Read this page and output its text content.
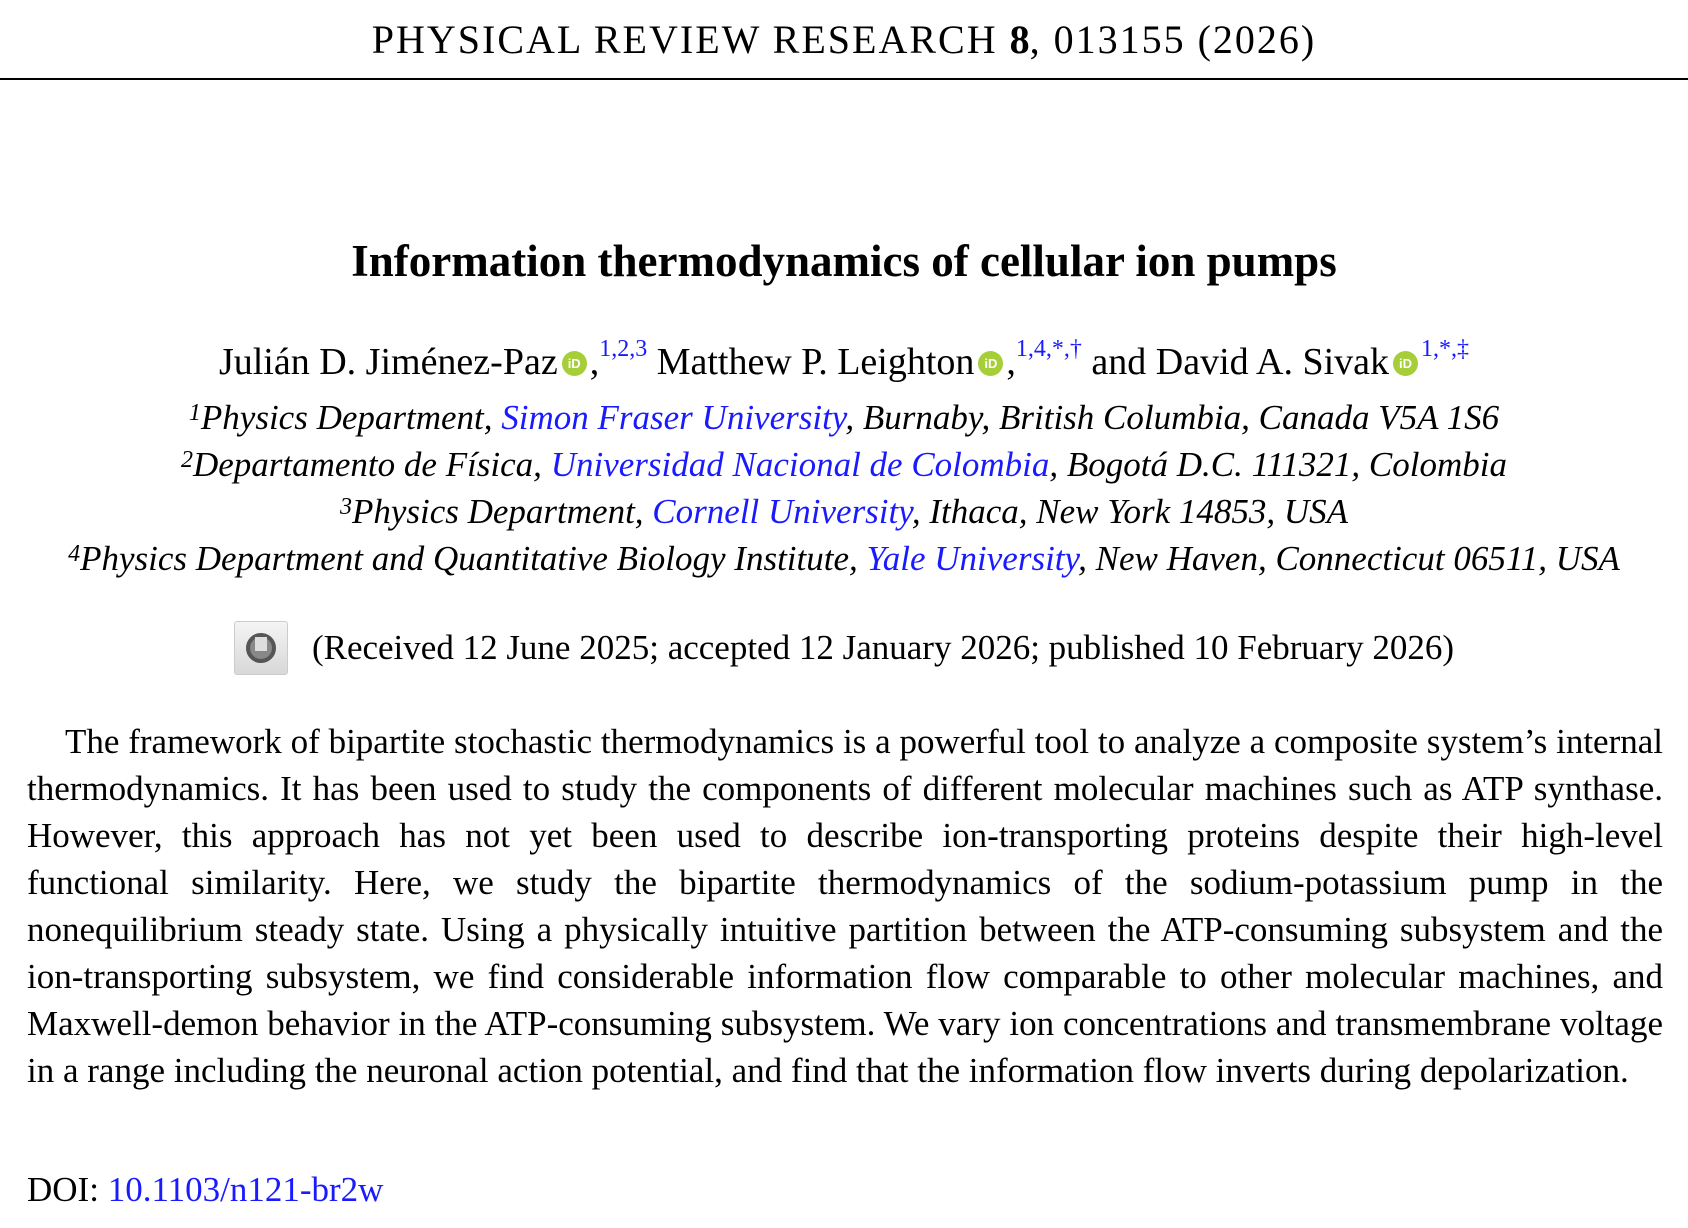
PHYSICAL REVIEW RESEARCH 8, 013155 (2026)
Information thermodynamics of cellular ion pumps
Julián D. Jiménez-Paz iD ,$^{1,2,3}$ Matthew P. Leighton iD ,$^{1,4,*,\dagger}$ and David A. Sivak $iD^{1,*,\ddagger}$
$^1$Physics Department, Simon Fraser University, Burnaby, British Columbia, Canada V5A 1S6
$^2$Departamento de Física, Universidad Nacional de Colombia, Bogotá D.C. 111321, Colombia
$^3$Physics Department, Cornell University, Ithaca, New York 14853, USA
$^4$Physics Department and Quantitative Biology Institute, Yale University, New Haven, Connecticut 06511, USA
(Received 12 June 2025; accepted 12 January 2026; published 10 February 2026)
The framework of bipartite stochastic thermodynamics is a powerful tool to analyze a composite system’s internal thermodynamics. It has been used to study the components of different molecular machines such as ATP synthase. However, this approach has not yet been used to describe ion-transporting proteins despite their high-level functional similarity. Here, we study the bipartite thermodynamics of the sodium-potassium pump in the nonequilibrium steady state. Using a physically intuitive partition between the ATP-consuming subsystem and the ion-transporting subsystem, we find considerable information flow comparable to other molecular machines, and Maxwell-demon behavior in the ATP-consuming subsystem. We vary ion concentrations and transmembrane voltage in a range including the neuronal action potential, and find that the information flow inverts during depolarization.
DOI: 10.1103/n121-br2w
